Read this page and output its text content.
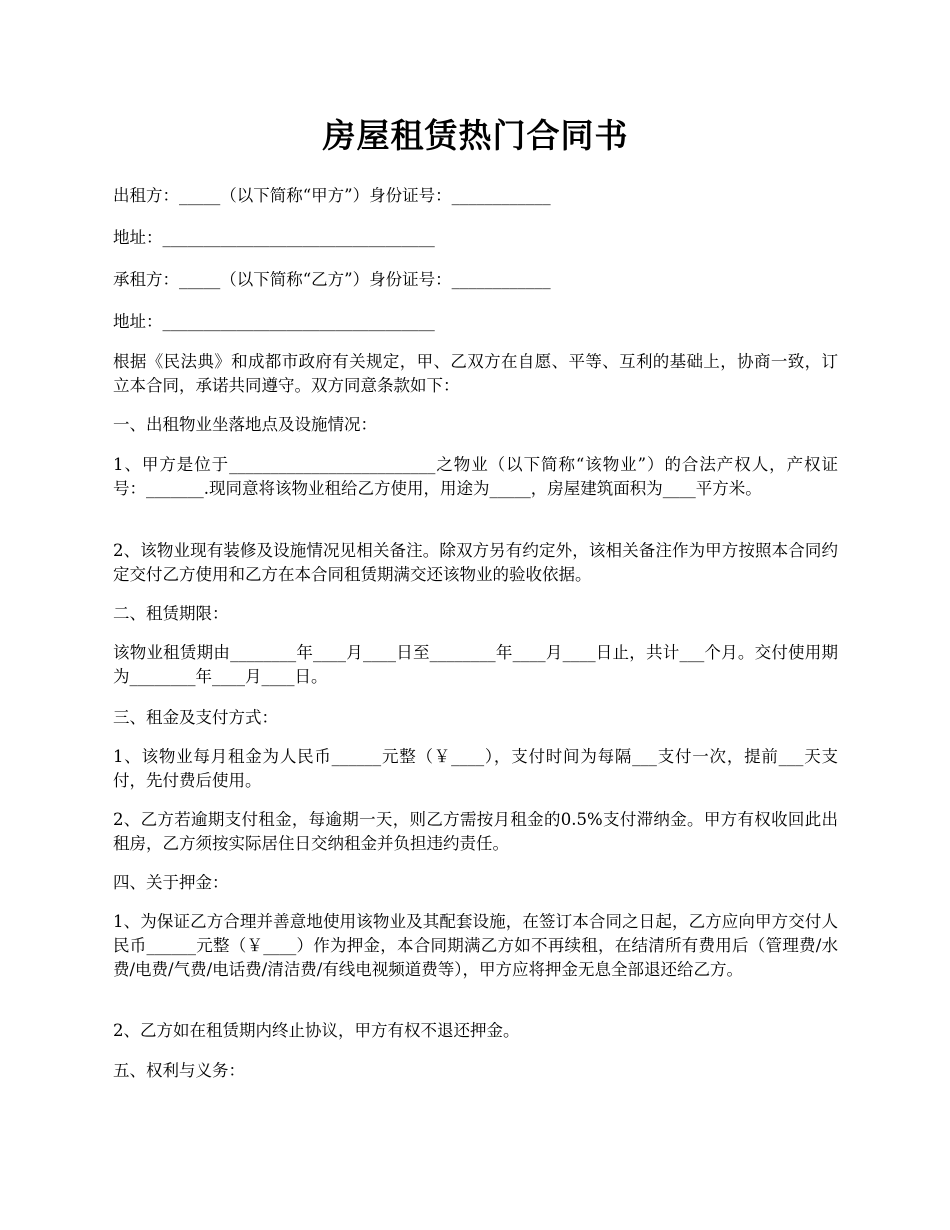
房屋租赁热门合同书

出租方：_____（以下简称“甲方”）身份证号：____________

地址：_________________________________

承租方：_____（以下简称“乙方”）身份证号：____________

地址：_________________________________

根据《民法典》和成都市政府有关规定，甲、乙双方在自愿、平等、互利的基础上，协商一致，订立本合同，承诺共同遵守。双方同意条款如下：

一、出租物业坐落地点及设施情况：

1、甲方是位于_________________________之物业（以下简称“该物业”）的合法产权人，产权证号：_______.现同意将该物业租给乙方使用，用途为_____，房屋建筑面积为____平方米。

2、该物业现有装修及设施情况见相关备注。除双方另有约定外，该相关备注作为甲方按照本合同约定交付乙方使用和乙方在本合同租赁期满交还该物业的验收依据。

二、租赁期限：

该物业租赁期由________年____月____日至________年____月____日止，共计___个月。交付使用期为________年____月____日。

三、租金及支付方式：

1、该物业每月租金为人民币______元整（￥____），支付时间为每隔___支付一次，提前___天支付，先付费后使用。

2、乙方若逾期支付租金，每逾期一天，则乙方需按月租金的0.5%支付滞纳金。甲方有权收回此出租房，乙方须按实际居住日交纳租金并负担违约责任。

四、关于押金：

1、为保证乙方合理并善意地使用该物业及其配套设施，在签订本合同之日起，乙方应向甲方交付人民币______元整（￥____）作为押金，本合同期满乙方如不再续租，在结清所有费用后（管理费/水费/电费/气费/电话费/清洁费/有线电视频道费等），甲方应将押金无息全部退还给乙方。

2、乙方如在租赁期内终止协议，甲方有权不退还押金。

五、权利与义务：
